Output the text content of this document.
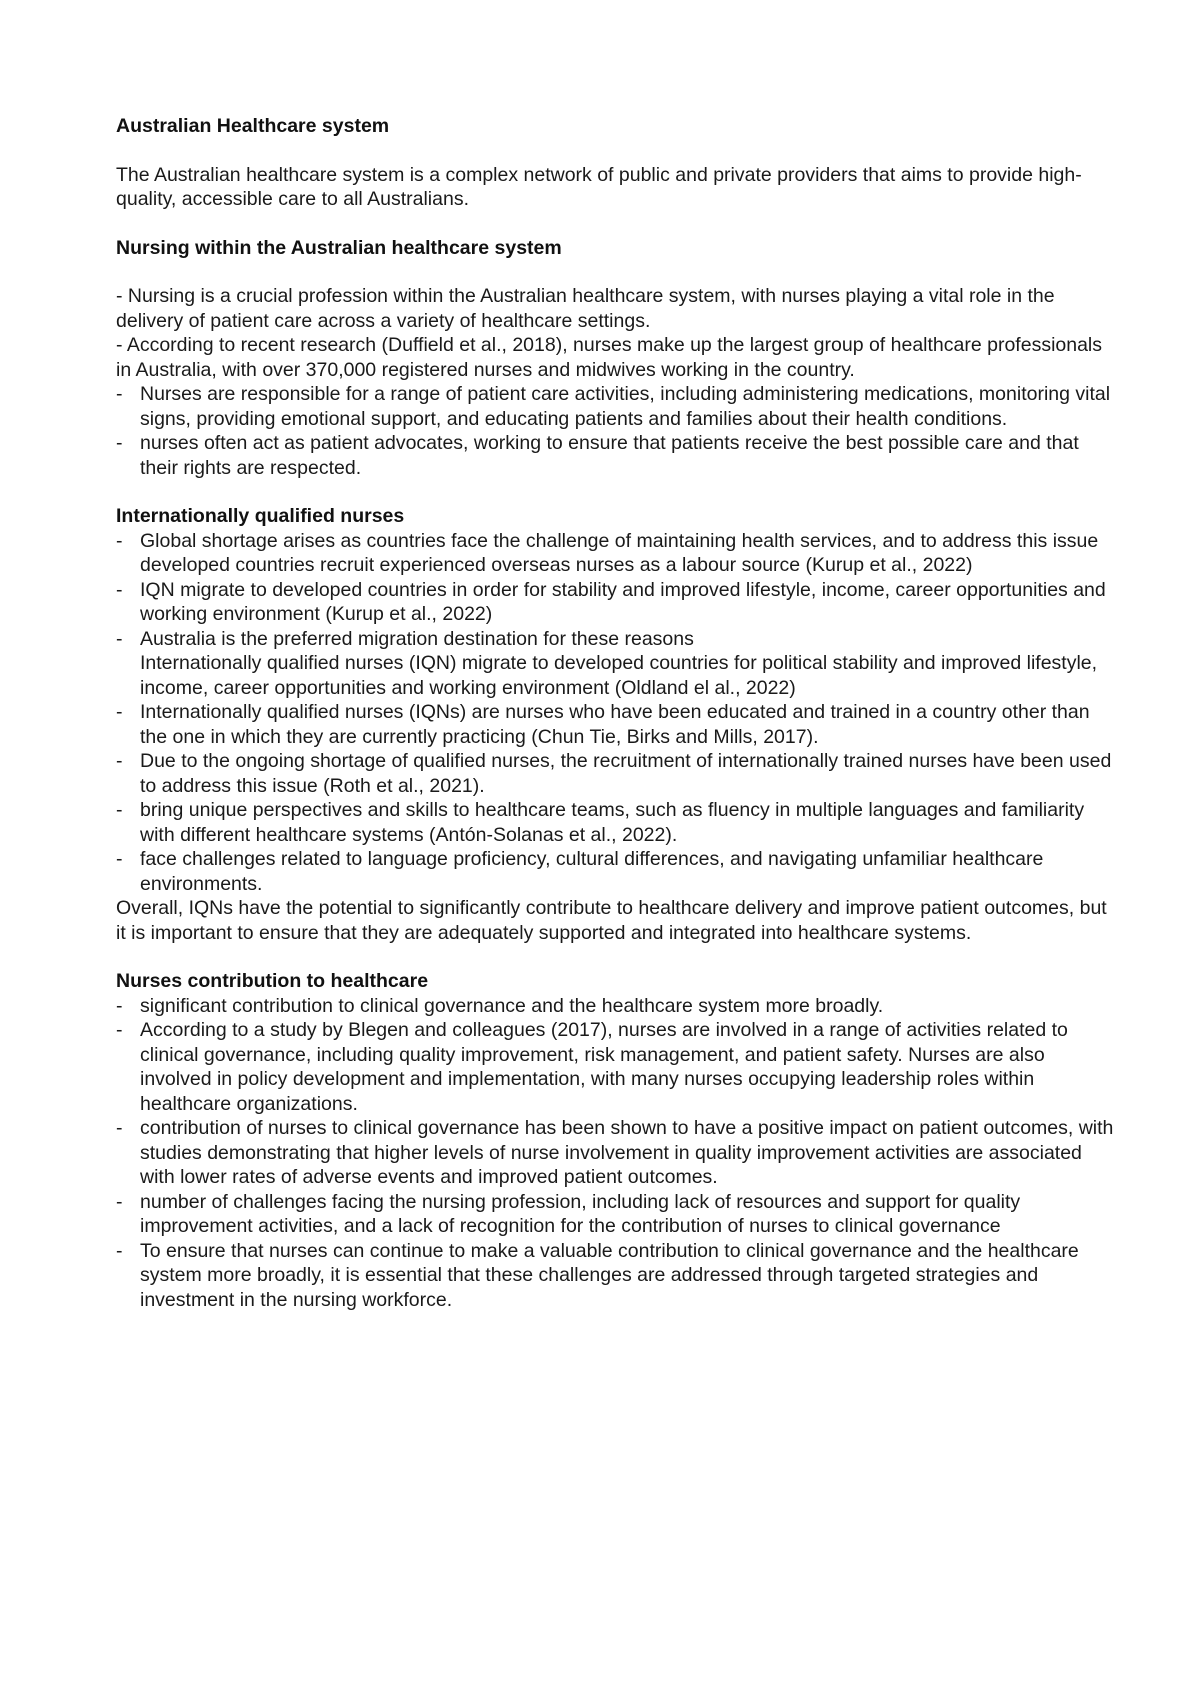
Australian Healthcare system

The Australian healthcare system is a complex network of public and private providers that aims to provide high-quality, accessible care to all Australians.

Nursing within the Australian healthcare system

- Nursing is a crucial profession within the Australian healthcare system, with nurses playing a vital role in the delivery of patient care across a variety of healthcare settings.

- According to recent research (Duffield et al., 2018), nurses make up the largest group of healthcare professionals in Australia, with over 370,000 registered nurses and midwives working in the country.

- Nurses are responsible for a range of patient care activities, including administering medications, monitoring vital signs, providing emotional support, and educating patients and families about their health conditions.
- nurses often act as patient advocates, working to ensure that patients receive the best possible care and that their rights are respected.
Internationally qualified nurses
- Global shortage arises as countries face the challenge of maintaining health services, and to address this issue developed countries recruit experienced overseas nurses as a labour source (Kurup et al., 2022)
- IQN migrate to developed countries in order for stability and improved lifestyle, income, career opportunities and working environment (Kurup et al., 2022)
- Australia is the preferred migration destination for these reasons
Internationally qualified nurses (IQN) migrate to developed countries for political stability and improved lifestyle, income, career opportunities and working environment (Oldland el al., 2022)
- Internationally qualified nurses (IQNs) are nurses who have been educated and trained in a country other than the one in which they are currently practicing (Chun Tie, Birks and Mills, 2017).
- Due to the ongoing shortage of qualified nurses, the recruitment of internationally trained nurses have been used to address this issue (Roth et al., 2021).
- bring unique perspectives and skills to healthcare teams, such as fluency in multiple languages and familiarity with different healthcare systems (Antón-Solanas et al., 2022).
- face challenges related to language proficiency, cultural differences, and navigating unfamiliar healthcare environments.

Overall, IQNs have the potential to significantly contribute to healthcare delivery and improve patient outcomes, but it is important to ensure that they are adequately supported and integrated into healthcare systems.

Nurses contribution to healthcare
- significant contribution to clinical governance and the healthcare system more broadly.
- According to a study by Blegen and colleagues (2017), nurses are involved in a range of activities related to clinical governance, including quality improvement, risk management, and patient safety. Nurses are also involved in policy development and implementation, with many nurses occupying leadership roles within healthcare organizations.
- contribution of nurses to clinical governance has been shown to have a positive impact on patient outcomes, with studies demonstrating that higher levels of nurse involvement in quality improvement activities are associated with lower rates of adverse events and improved patient outcomes.
- number of challenges facing the nursing profession, including lack of resources and support for quality improvement activities, and a lack of recognition for the contribution of nurses to clinical governance
- To ensure that nurses can continue to make a valuable contribution to clinical governance and the healthcare system more broadly, it is essential that these challenges are addressed through targeted strategies and investment in the nursing workforce.
